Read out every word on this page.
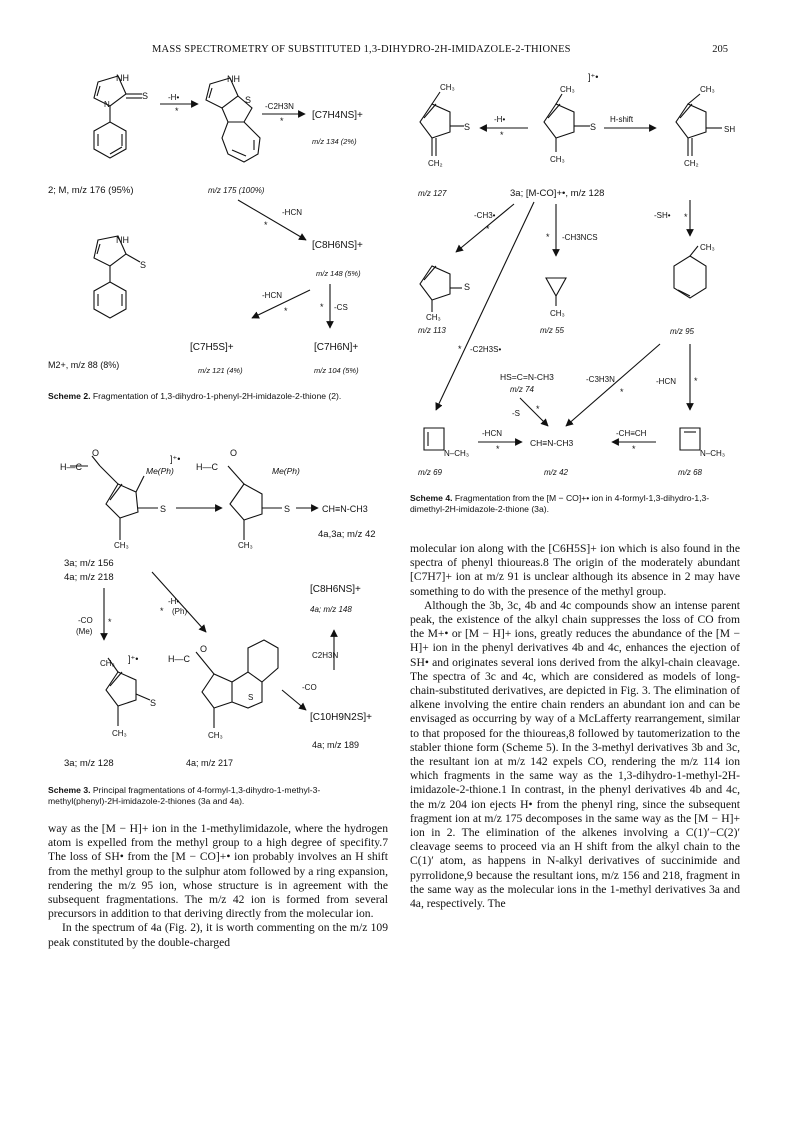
MASS SPECTROMETRY OF SUBSTITUTED 1,3-DIHYDRO-2H-IMIDAZOLE-2-THIONES	205
NH
S
N
-H•
*
NH
S
-C2H3N
*	[C7H4NS]+
m/z 134 (2%)
2; M, m/z 176 (95%)	m/z 175 (100%)
-HCN
*
[C8H6NS]+
m/z 148 (5%)
NH
S
M2+, m/z 88 (8%)
-HCN
*	-CS
*
[C7H5S]+	[C7H6N]+
m/z 121 (4%)	m/z 104 (5%)
H—C
O
Me(Ph)
S
CH₃
]⁺•
H—C
O
Me(Ph)
S
CH₃
CH≡N-CH3
4a,3a; m/z 42
3a; m/z 156
4a; m/z 218
-CO
(Me)
*
-H•
(Ph)
*
[C8H6NS]+
4a; m/z 148
CH₃
S
CH₃
]⁺•	H—C
O
S
CH₃
C2H3N
-CO
[C10H9N2S]+
4a; m/z 189
3a; m/z 128	4a; m/z 217
CH₃
S
CH₂
m/z 127
-H•
*
CH₃
]⁺•
S
CH₃
H-shift
CH₃
SH
CH₂
3a; [M-CO]+•, m/z 128
-CH3•
*
-CH3NCS
*
-SH• *
S
CH₃
m/z 113
CH₃
m/z 55
CH₃
m/z 95
-C2H3S•
*
HS=C=N-CH3
m/z 74
-S *
-C3H3N
*
-HCN *
N–CH₃
m/z 69
-HCN
*
CH≡N-CH3
m/z 42
-CH≡CH
*	N–CH₃
m/z 68
Scheme 2. Fragmentation of 1,3-dihydro-1-phenyl-2H-imidazole-2-thione (2).
Scheme 3. Principal fragmentations of 4-formyl-1,3-dihydro-1-methyl-3-methyl(phenyl)-2H-imidazole-2-thiones (3a and 4a).
Scheme 4. Fragmentation from the [M − CO]+• ion in 4-formyl-1,3-dihydro-1,3-dimethyl-2H-imidazole-2-thione (3a).

way as the [M − H]+ ion in the 1-methylimidazole, where the hydrogen atom is expelled from the methyl group to a high degree of specifity.7 The loss of SH• from the [M − CO]+• ion probably involves an H shift from the methyl group to the sulphur atom followed by a ring expansion, rendering the m/z 95 ion, whose structure is in agreement with the subsequent fragmentations. The m/z 42 ion is formed from several precursors in addition to that deriving directly from the molecular ion.

In the spectrum of 4a (Fig. 2), it is worth commenting on the m/z 109 peak constituted by the double-charged

molecular ion along with the [C6H5S]+ ion which is also found in the spectra of phenyl thioureas.8 The origin of the moderately abundant [C7H7]+ ion at m/z 91 is unclear although its absence in 2 may have something to do with the presence of the methyl group.

Although the 3b, 3c, 4b and 4c compounds show an intense parent peak, the existence of the alkyl chain suppresses the loss of CO from the M+• or [M − H]+ ions, greatly reduces the abundance of the [M − H]+ ion in the phenyl derivatives 4b and 4c, enhances the ejection of SH• and originates several ions derived from the alkyl-chain cleavage. The spectra of 3c and 4c, which are considered as models of long-chain-substituted derivatives, are depicted in Fig. 3. The elimination of alkene involving the entire chain renders an abundant ion and can be envisaged as occurring by way of a McLafferty rearrangement, similar to that proposed for the thioureas,8 followed by tautomerization to the stabler thione form (Scheme 5). In the 3-methyl derivatives 3b and 3c, the resultant ion at m/z 142 expels CO, rendering the m/z 114 ion which fragments in the same way as the 1,3-dihydro-1-methyl-2H-imidazole-2-thione.1 In contrast, in the phenyl derivatives 4b and 4c, the m/z 204 ion ejects H• from the phenyl ring, since the subsequent fragment ion at m/z 175 decomposes in the same way as the [M − H]+ ion in 2. The elimination of the alkenes involving a C(1)′−C(2)′ cleavage seems to proceed via an H shift from the alkyl chain to the C(1)′ atom, as happens in N-alkyl derivatives of succinimide and pyrrolidone,9 because the resultant ions, m/z 156 and 218, fragment in the same way as the molecular ions in the 1-methyl derivatives 3a and 4a, respectively. The
